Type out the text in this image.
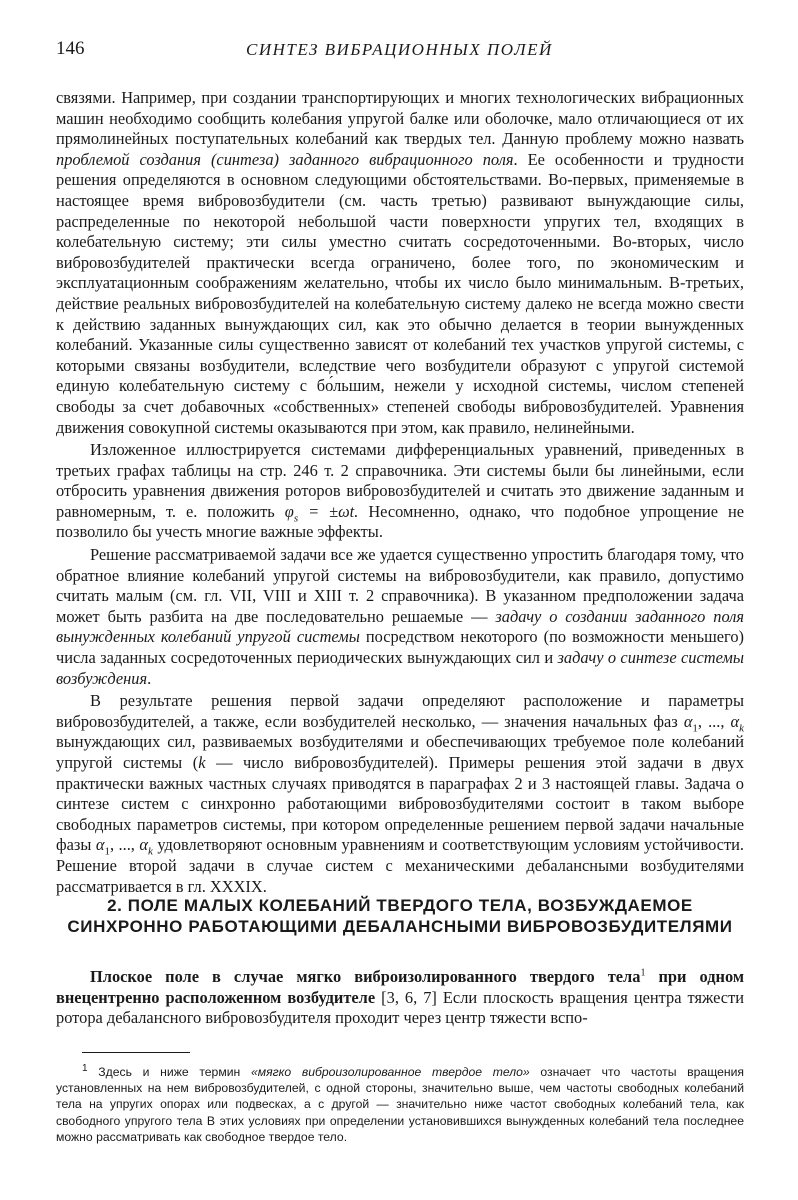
146	СИНТЕЗ ВИБРАЦИОННЫХ ПОЛЕЙ

связями. Например, при создании транспортирующих и многих технологических вибрационных машин необходимо сообщить колебания упругой балке или оболочке, мало отличающиеся от их прямолинейных поступательных колебаний как твердых тел. Данную проблему можно назвать проблемой создания (синтеза) заданного вибрационного поля. Ее особенности и трудности решения определяются в основном следующими обстоятельствами. Во-первых, применяемые в настоящее время вибровозбудители (см. часть третью) развивают вынуждающие силы, распределенные по некоторой небольшой части поверхности упругих тел, входящих в колебательную систему; эти силы уместно считать сосредоточенными. Во-вторых, число вибровозбудителей практически всегда ограничено, более того, по экономическим и эксплуатационным соображениям желательно, чтобы их число было минимальным. В-третьих, действие реальных вибровозбудителей на колебательную систему далеко не всегда можно свести к действию заданных вынуждающих сил, как это обычно делается в теории вынужденных колебаний. Указанные силы существенно зависят от колебаний тех участков упругой системы, с которыми связаны возбудители, вследствие чего возбудители образуют с упругой системой единую колебательную систему с бо́льшим, нежели у исходной системы, числом степеней свободы за счет добавочных «собственных» степеней свободы вибровозбудителей. Уравнения движения совокупной системы оказываются при этом, как правило, нелинейными.

Изложенное иллюстрируется системами дифференциальных уравнений, приведенных в третьих графах таблицы на стр. 246 т. 2 справочника. Эти системы были бы линейными, если отбросить уравнения движения роторов вибровозбудителей и считать это движение заданным и равномерным, т. е. положить $\varphi_s = \pm\omega t$. Несомненно, однако, что подобное упрощение не позволило бы учесть многие важные эффекты.

Решение рассматриваемой задачи все же удается существенно упростить благодаря тому, что обратное влияние колебаний упругой системы на вибровозбудители, как правило, допустимо считать малым (см. гл. VII, VIII и XIII т. 2 справочника). В указанном предположении задача может быть разбита на две последовательно решаемые — задачу о создании заданного поля вынужденных колебаний упругой системы посредством некоторого (по возможности меньшего) числа заданных сосредоточенных периодических вынуждающих сил и задачу о синтезе системы возбуждения.

В результате решения первой задачи определяют расположение и параметры вибровозбудителей, а также, если возбудителей несколько, — значения начальных фаз $\alpha_1$, ..., $\alpha_k$ вынуждающих сил, развиваемых возбудителями и обеспечивающих требуемое поле колебаний упругой системы (k — число вибровозбудителей). Примеры решения этой задачи в двух практически важных частных случаях приводятся в параграфах 2 и 3 настоящей главы. Задача о синтезе систем с синхронно работающими вибровозбудителями состоит в таком выборе свободных параметров системы, при котором определенные решением первой задачи начальные фазы $\alpha_1$, ..., $\alpha_k$ удовлетворяют основным уравнениям и соответствующим условиям устойчивости. Решение второй задачи в случае систем с механическими дебалансными возбудителями рассматривается в гл. XXXIX.

2. ПОЛЕ МАЛЫХ КОЛЕБАНИЙ ТВЕРДОГО ТЕЛА, ВОЗБУЖДАЕМОЕ СИНХРОННО РАБОТАЮЩИМИ ДЕБАЛАНСНЫМИ ВИБРОВОЗБУДИТЕЛЯМИ
Плоское поле в случае мягко виброизолированного твердого тела$^1$ при одном внецентренно расположенном возбудителе [3, 6, 7] Если плоскость вращения центра тяжести ротора дебалансного вибровозбудителя проходит через центр тяжести вспо-
$^1$ Здесь и ниже термин «мягко виброизолированное твердое тело» означает что частоты вращения установленных на нем вибровозбудителей, с одной стороны, значительно выше, чем частоты свободных колебаний тела на упругих опорах или подвесках, а с другой — значительно ниже частот свободных колебаний тела, как свободного упругого тела В этих условиях при определении установившихся вынужденных колебаний тела последнее можно рассматривать как свободное твердое тело.
